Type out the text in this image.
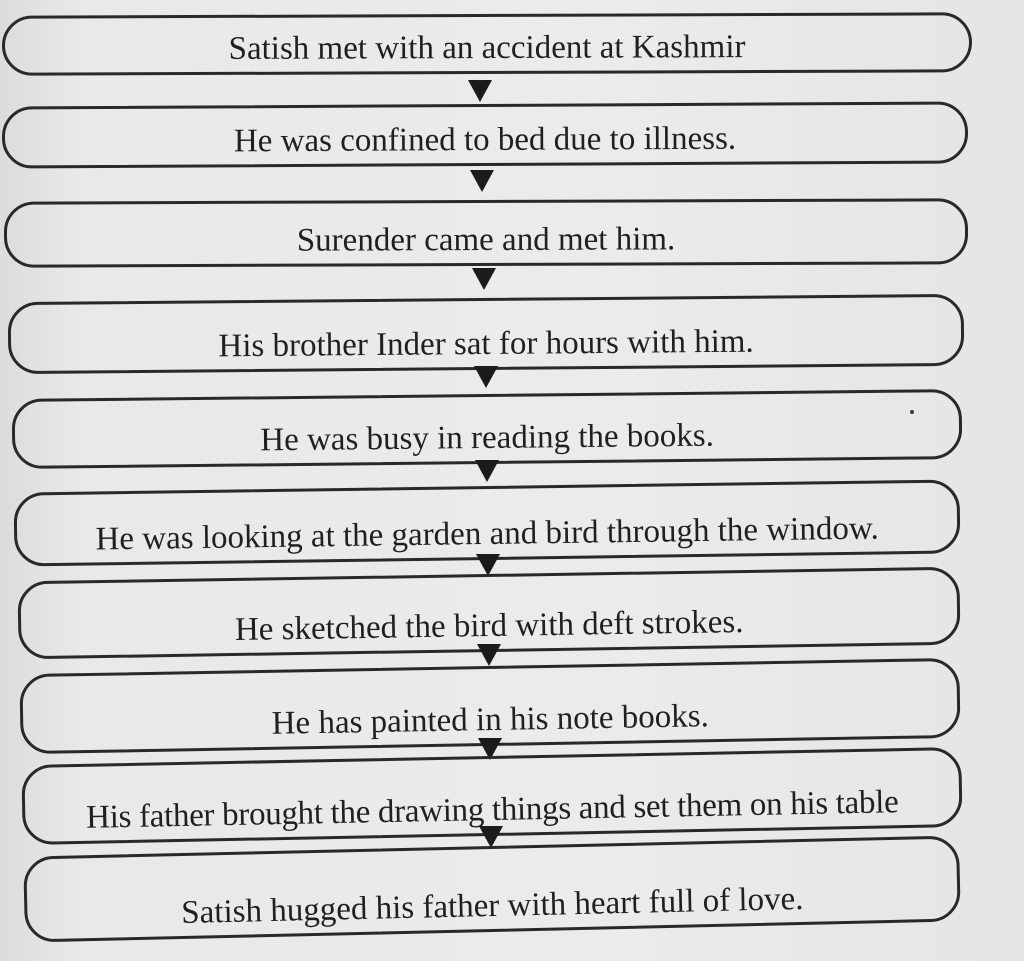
Satish met with an accident at Kashmir
He was confined to bed due to illness.
Surender came and met him.
His brother Inder sat for hours with him.
He was busy in reading the books.
He was looking at the garden and bird through the window.
He sketched the bird with deft strokes.
He has painted in his note books.
His father brought the drawing things and set them on his table
Satish hugged his father with heart full of love.
